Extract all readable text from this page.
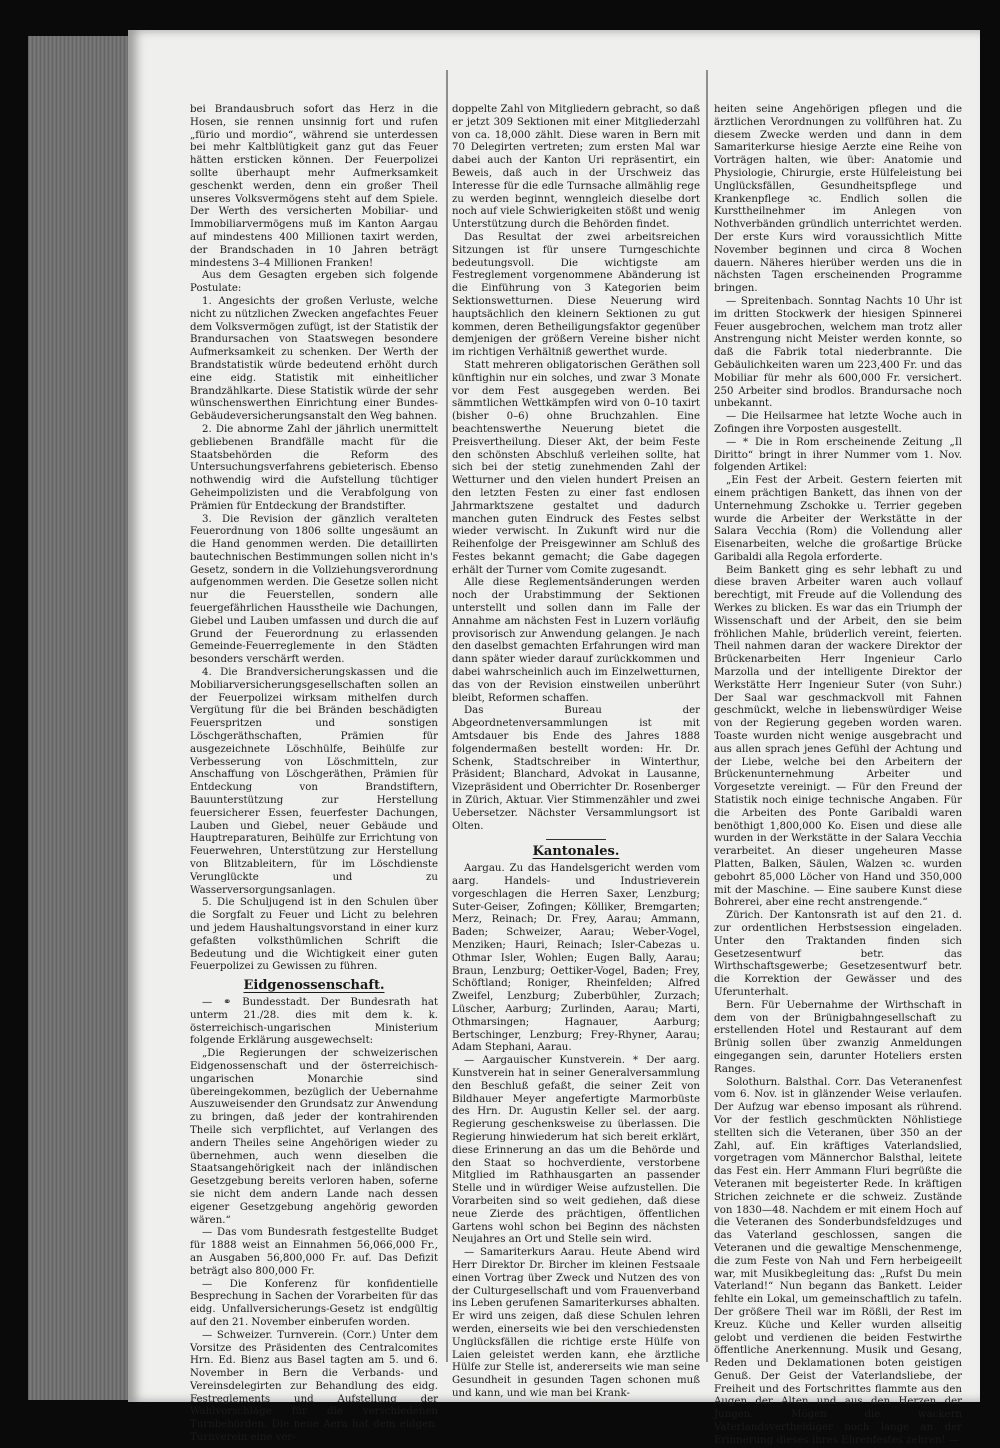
bei Brandausbruch sofort das Herz in die Hosen, sie rennen unsinnig fort und rufen „fürio und mordio“, während sie unterdessen bei mehr Kaltblütigkeit ganz gut das Feuer hätten ersticken können. Der Feuerpolizei sollte überhaupt mehr Aufmerksamkeit geschenkt werden, denn ein großer Theil unseres Volksvermögens steht auf dem Spiele. Der Werth des versicherten Mobiliar- und Immobiliarvermögens muß im Kanton Aargau auf mindestens 400 Millionen taxirt werden, der Brandschaden in 10 Jahren beträgt mindestens 3–4 Millionen Franken!

Aus dem Gesagten ergeben sich folgende Postulate:

1. Angesichts der großen Verluste, welche nicht zu nützlichen Zwecken angefachtes Feuer dem Volksvermögen zufügt, ist der Statistik der Brandursachen von Staatswegen besondere Aufmerksamkeit zu schenken. Der Werth der Brandstatistik würde bedeutend erhöht durch eine eidg. Statistik mit einheitlicher Brandzählkarte. Diese Statistik würde der sehr wünschenswerthen Einrichtung einer Bundes-Gebäudeversicherungsanstalt den Weg bahnen.

2. Die abnorme Zahl der jährlich unermittelt gebliebenen Brandfälle macht für die Staatsbehörden die Reform des Untersuchungsverfahrens gebieterisch. Ebenso nothwendig wird die Aufstellung tüchtiger Geheimpolizisten und die Verabfolgung von Prämien für Entdeckung der Brandstifter.

3. Die Revision der gänzlich veralteten Feuerordnung von 1806 sollte ungesäumt an die Hand genommen werden. Die detaillirten bautechnischen Bestimmungen sollen nicht in's Gesetz, sondern in die Vollziehungsverordnung aufgenommen werden. Die Gesetze sollen nicht nur die Feuerstellen, sondern alle feuergefährlichen Hausstheile wie Dachungen, Giebel und Lauben umfassen und durch die auf Grund der Feuerordnung zu erlassenden Gemeinde-Feuerreglemente in den Städten besonders verschärft werden.

4. Die Brandversicherungskassen und die Mobiliarversicherungsgesellschaften sollen an der Feuerpolizei wirksam mithelfen durch Vergütung für die bei Bränden beschädigten Feuerspritzen und sonstigen Löschgeräthschaften, Prämien für ausgezeichnete Löschhülfe, Beihülfe zur Verbesserung von Löschmitteln, zur Anschaffung von Löschgeräthen, Prämien für Entdeckung von Brandstiftern, Bauunterstützung zur Herstellung feuersicherer Essen, feuerfester Dachungen, Lauben und Giebel, neuer Gebäude und Hauptreparaturen, Beihülfe zur Errichtung von Feuerwehren, Unterstützung zur Herstellung von Blitzableitern, für im Löschdienste Verunglückte und zu Wasserversorgungsanlagen.

5. Die Schuljugend ist in den Schulen über die Sorgfalt zu Feuer und Licht zu belehren und jedem Haushaltungsvorstand in einer kurz gefaßten volksthümlichen Schrift die Bedeutung und die Wichtigkeit einer guten Feuerpolizei zu Gewissen zu führen.

Eidgenossenschaft.

— ⚭ Bundesstadt. Der Bundesrath hat unterm 21./28. dies mit dem k. k. österreichisch-ungarischen Ministerium folgende Erklärung ausgewechselt:

„Die Regierungen der schweizerischen Eidgenossenschaft und der österreichisch-ungarischen Monarchie sind übereingekommen, bezüglich der Uebernahme Auszuweisender den Grundsatz zur Anwendung zu bringen, daß jeder der kontrahirenden Theile sich verpflichtet, auf Verlangen des andern Theiles seine Angehörigen wieder zu übernehmen, auch wenn dieselben die Staatsangehörigkeit nach der inländischen Gesetzgebung bereits verloren haben, soferne sie nicht dem andern Lande nach dessen eigener Gesetzgebung angehörig geworden wären.“

— Das vom Bundesrath festgestellte Budget für 1888 weist an Einnahmen 56,066,000 Fr., an Ausgaben 56,800,000 Fr. auf. Das Defizit beträgt also 800,000 Fr.

— Die Konferenz für konfidentielle Besprechung in Sachen der Vorarbeiten für das eidg. Unfallversicherungs-Gesetz ist endgültig auf den 21. November einberufen worden.

— Schweizer. Turnverein. (Corr.) Unter dem Vorsitze des Präsidenten des Centralcomites Hrn. Ed. Bienz aus Basel tagten am 5. und 6. November in Bern die Verbands- und Vereinsdelegirten zur Behandlung des eidg. Festreglements und Aufstellung der Wahlvorschläge für die verschiedenen Turnbehörden. Die neue Aera hat dem eidgen. Turnverein eine ver-

doppelte Zahl von Mitgliedern gebracht, so daß er jetzt 309 Sektionen mit einer Mitgliederzahl von ca. 18,000 zählt. Diese waren in Bern mit 70 Delegirten vertreten; zum ersten Mal war dabei auch der Kanton Uri repräsentirt, ein Beweis, daß auch in der Urschweiz das Interesse für die edle Turnsache allmählig rege zu werden beginnt, wenngleich dieselbe dort noch auf viele Schwierigkeiten stößt und wenig Unterstützung durch die Behörden findet.

Das Resultat der zwei arbeitsreichen Sitzungen ist für unsere Turngeschichte bedeutungsvoll. Die wichtigste am Festreglement vorgenommene Abänderung ist die Einführung von 3 Kategorien beim Sektionswetturnen. Diese Neuerung wird hauptsächlich den kleinern Sektionen zu gut kommen, deren Betheiligungsfaktor gegenüber demjenigen der größern Vereine bisher nicht im richtigen Verhältniß gewerthet wurde.

Statt mehreren obligatorischen Geräthen soll künftighin nur ein solches, und zwar 3 Monate vor dem Fest ausgegeben werden. Bei sämmtlichen Wettkämpfen wird von 0–10 taxirt (bisher 0–6) ohne Bruchzahlen. Eine beachtenswerthe Neuerung bietet die Preisvertheilung. Dieser Akt, der beim Feste den schönsten Abschluß verleihen sollte, hat sich bei der stetig zunehmenden Zahl der Wetturner und den vielen hundert Preisen an den letzten Festen zu einer fast endlosen Jahrmarktszene gestaltet und dadurch manchen guten Eindruck des Festes selbst wieder verwischt. In Zukunft wird nur die Reihenfolge der Preisgewinner am Schluß des Festes bekannt gemacht; die Gabe dagegen erhält der Turner vom Comite zugesandt.

Alle diese Reglementsänderungen werden noch der Urabstimmung der Sektionen unterstellt und sollen dann im Falle der Annahme am nächsten Fest in Luzern vorläufig provisorisch zur Anwendung gelangen. Je nach den daselbst gemachten Erfahrungen wird man dann später wieder darauf zurückkommen und dabei wahrscheinlich auch im Einzelwetturnen, das von der Revision einstweilen unberührt bleibt, Reformen schaffen.

Das Bureau der Abgeordnetenversammlungen ist mit Amtsdauer bis Ende des Jahres 1888 folgendermaßen bestellt worden: Hr. Dr. Schenk, Stadtschreiber in Winterthur, Präsident; Blanchard, Advokat in Lausanne, Vizepräsident und Oberrichter Dr. Rosenberger in Zürich, Aktuar. Vier Stimmenzähler und zwei Uebersetzer. Nächster Versammlungsort ist Olten.

Kantonales.

Aargau. Zu das Handelsgericht werden vom aarg. Handels- und Industrieverein vorgeschlagen die Herren Saxer, Lenzburg; Suter-Geiser, Zofingen; Kölliker, Bremgarten; Merz, Reinach; Dr. Frey, Aarau; Ammann, Baden; Schweizer, Aarau; Weber-Vogel, Menziken; Hauri, Reinach; Isler-Cabezas u. Othmar Isler, Wohlen; Eugen Bally, Aarau; Braun, Lenzburg; Oettiker-Vogel, Baden; Frey, Schöftland; Roniger, Rheinfelden; Alfred Zweifel, Lenzburg; Zuberbühler, Zurzach; Lüscher, Aarburg; Zurlinden, Aarau; Marti, Othmarsingen; Hagnauer, Aarburg; Bertschinger, Lenzburg; Frey-Rhyner, Aarau; Adam Stephani, Aarau.

— Aargauischer Kunstverein. * Der aarg. Kunstverein hat in seiner Generalversammlung den Beschluß gefaßt, die seiner Zeit von Bildhauer Meyer angefertigte Marmorbüste des Hrn. Dr. Augustin Keller sel. der aarg. Regierung geschenksweise zu überlassen. Die Regierung hinwiederum hat sich bereit erklärt, diese Erinnerung an das um die Behörde und den Staat so hochverdiente, verstorbene Mitglied im Rathhausgarten an passender Stelle und in würdiger Weise aufzustellen. Die Vorarbeiten sind so weit gediehen, daß diese neue Zierde des prächtigen, öffentlichen Gartens wohl schon bei Beginn des nächsten Neujahres an Ort und Stelle sein wird.

— Samariterkurs Aarau. Heute Abend wird Herr Direktor Dr. Bircher im kleinen Festsaale einen Vortrag über Zweck und Nutzen des von der Culturgesellschaft und vom Frauenverband ins Leben gerufenen Samariterkurses abhalten. Er wird uns zeigen, daß diese Schulen lehren werden, einerseits wie bei den verschiedensten Unglücksfällen die richtige erste Hülfe von Laien geleistet werden kann, ehe ärztliche Hülfe zur Stelle ist, andererseits wie man seine Gesundheit in gesunden Tagen schonen muß und kann, und wie man bei Krank-

heiten seine Angehörigen pflegen und die ärztlichen Verordnungen zu vollführen hat. Zu diesem Zwecke werden und dann in dem Samariterkurse hiesige Aerzte eine Reihe von Vorträgen halten, wie über: Anatomie und Physiologie, Chirurgie, erste Hülfeleistung bei Unglücksfällen, Gesundheitspflege und Krankenpflege ꝛc. Endlich sollen die Kursttheilnehmer im Anlegen von Nothverbänden gründlich unterrichtet werden. Der erste Kurs wird voraussichtlich Mitte November beginnen und circa 8 Wochen dauern. Näheres hierüber werden uns die in nächsten Tagen erscheinenden Programme bringen.

— Spreitenbach. Sonntag Nachts 10 Uhr ist im dritten Stockwerk der hiesigen Spinnerei Feuer ausgebrochen, welchem man trotz aller Anstrengung nicht Meister werden konnte, so daß die Fabrik total niederbrannte. Die Gebäulichkeiten waren um 223,400 Fr. und das Mobiliar für mehr als 600,000 Fr. versichert. 250 Arbeiter sind brodlos. Brandursache noch unbekannt.

— Die Heilsarmee hat letzte Woche auch in Zofingen ihre Vorposten ausgestellt.

— * Die in Rom erscheinende Zeitung „Il Diritto“ bringt in ihrer Nummer vom 1. Nov. folgenden Artikel:

„Ein Fest der Arbeit. Gestern feierten mit einem prächtigen Bankett, das ihnen von der Unternehmung Zschokke u. Terrier gegeben wurde die Arbeiter der Werkstätte in der Salara Vecchia (Rom) die Vollendung aller Eisenarbeiten, welche die großartige Brücke Garibaldi alla Regola erforderte.

Beim Bankett ging es sehr lebhaft zu und diese braven Arbeiter waren auch vollauf berechtigt, mit Freude auf die Vollendung des Werkes zu blicken. Es war das ein Triumph der Wissenschaft und der Arbeit, den sie beim fröhlichen Mahle, brüderlich vereint, feierten. Theil nahmen daran der wackere Direktor der Brückenarbeiten Herr Ingenieur Carlo Marzolla und der intelligente Direktor der Werkstätte Herr Ingenieur Suter (von Suhr.) Der Saal war geschmackvoll mit Fahnen geschmückt, welche in liebenswürdiger Weise von der Regierung gegeben worden waren. Toaste wurden nicht wenige ausgebracht und aus allen sprach jenes Gefühl der Achtung und der Liebe, welche bei den Arbeitern der Brückenunternehmung Arbeiter und Vorgesetzte vereinigt. — Für den Freund der Statistik noch einige technische Angaben. Für die Arbeiten des Ponte Garibaldi waren benöthigt 1,800,000 Ko. Eisen und diese alle wurden in der Werkstätte in der Salara Vecchia verarbeitet. An dieser ungeheuren Masse Platten, Balken, Säulen, Walzen ꝛc. wurden gebohrt 85,000 Löcher von Hand und 350,000 mit der Maschine. — Eine saubere Kunst diese Bohrerei, aber eine recht anstrengende.“

Zürich. Der Kantonsrath ist auf den 21. d. zur ordentlichen Herbstsession eingeladen. Unter den Traktanden finden sich Gesetzesentwurf betr. das Wirthschaftsgewerbe; Gesetzesentwurf betr. die Korrektion der Gewässer und des Uferunterhalt.

Bern. Für Uebernahme der Wirthschaft in dem von der Brünigbahngesellschaft zu erstellenden Hotel und Restaurant auf dem Brünig sollen über zwanzig Anmeldungen eingegangen sein, darunter Hoteliers ersten Ranges.

Solothurn. Balsthal. Corr. Das Veteranenfest vom 6. Nov. ist in glänzender Weise verlaufen. Der Aufzug war ebenso imposant als rührend. Vor der festlich geschmückten Nöhlistiege stellten sich die Veteranen, über 350 an der Zahl, auf. Ein kräftiges Vaterlandslied, vorgetragen vom Männerchor Balsthal, leitete das Fest ein. Herr Ammann Fluri begrüßte die Veteranen mit begeisterter Rede. In kräftigen Strichen zeichnete er die schweiz. Zustände von 1830—48. Nachdem er mit einem Hoch auf die Veteranen des Sonderbundsfeldzuges und das Vaterland geschlossen, sangen die Veteranen und die gewaltige Menschenmenge, die zum Feste von Nah und Fern herbeigeeilt war, mit Musikbegleitung das: „Rufst Du mein Vaterland!“ Nun begann das Bankett. Leider fehlte ein Lokal, um gemeinschaftlich zu tafeln. Der größere Theil war im Rößli, der Rest im Kreuz. Küche und Keller wurden allseitig gelobt und verdienen die beiden Festwirthe öffentliche Anerkennung. Musik und Gesang, Reden und Deklamationen boten geistigen Genuß. Der Geist der Vaterlandsliebe, der Freiheit und des Fortschrittes flammte aus den Augen der Alten und aus den Herzen der Jungen. Mögen die wackern Vaterlandsvertheidiger noch lange an der Erinnerung dieses ihres Ehrenfestes zehren! —
